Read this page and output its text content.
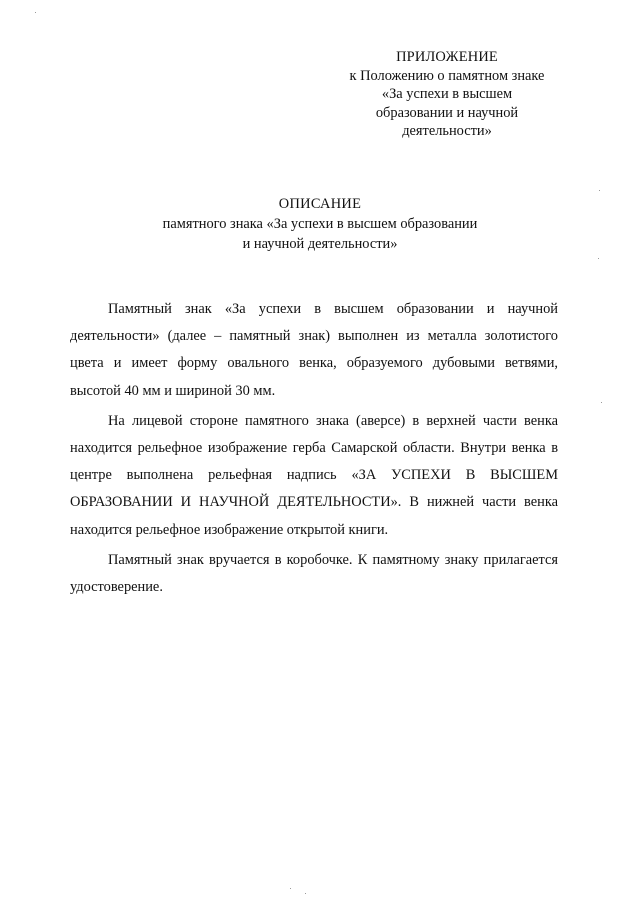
ПРИЛОЖЕНИЕ
к Положению о памятном знаке
«За успехи в высшем
образовании и научной
деятельности»
ОПИСАНИЕ
памятного знака «За успехи в высшем образовании
и научной деятельности»

Памятный знак «За успехи в высшем образовании и научной деятельности» (далее – памятный знак) выполнен из металла золотистого цвета и имеет форму овального венка, образуемого дубовыми ветвями, высотой 40 мм и шириной 30 мм.

На лицевой стороне памятного знака (аверсе) в верхней части венка находится рельефное изображение герба Самарской области. Внутри венка в центре выполнена рельефная надпись «ЗА УСПЕХИ В ВЫСШЕМ ОБРАЗОВАНИИ И НАУЧНОЙ ДЕЯТЕЛЬНОСТИ». В нижней части венка находится рельефное изображение открытой книги.

Памятный знак вручается в коробочке. К памятному знаку прилагается удостоверение.
